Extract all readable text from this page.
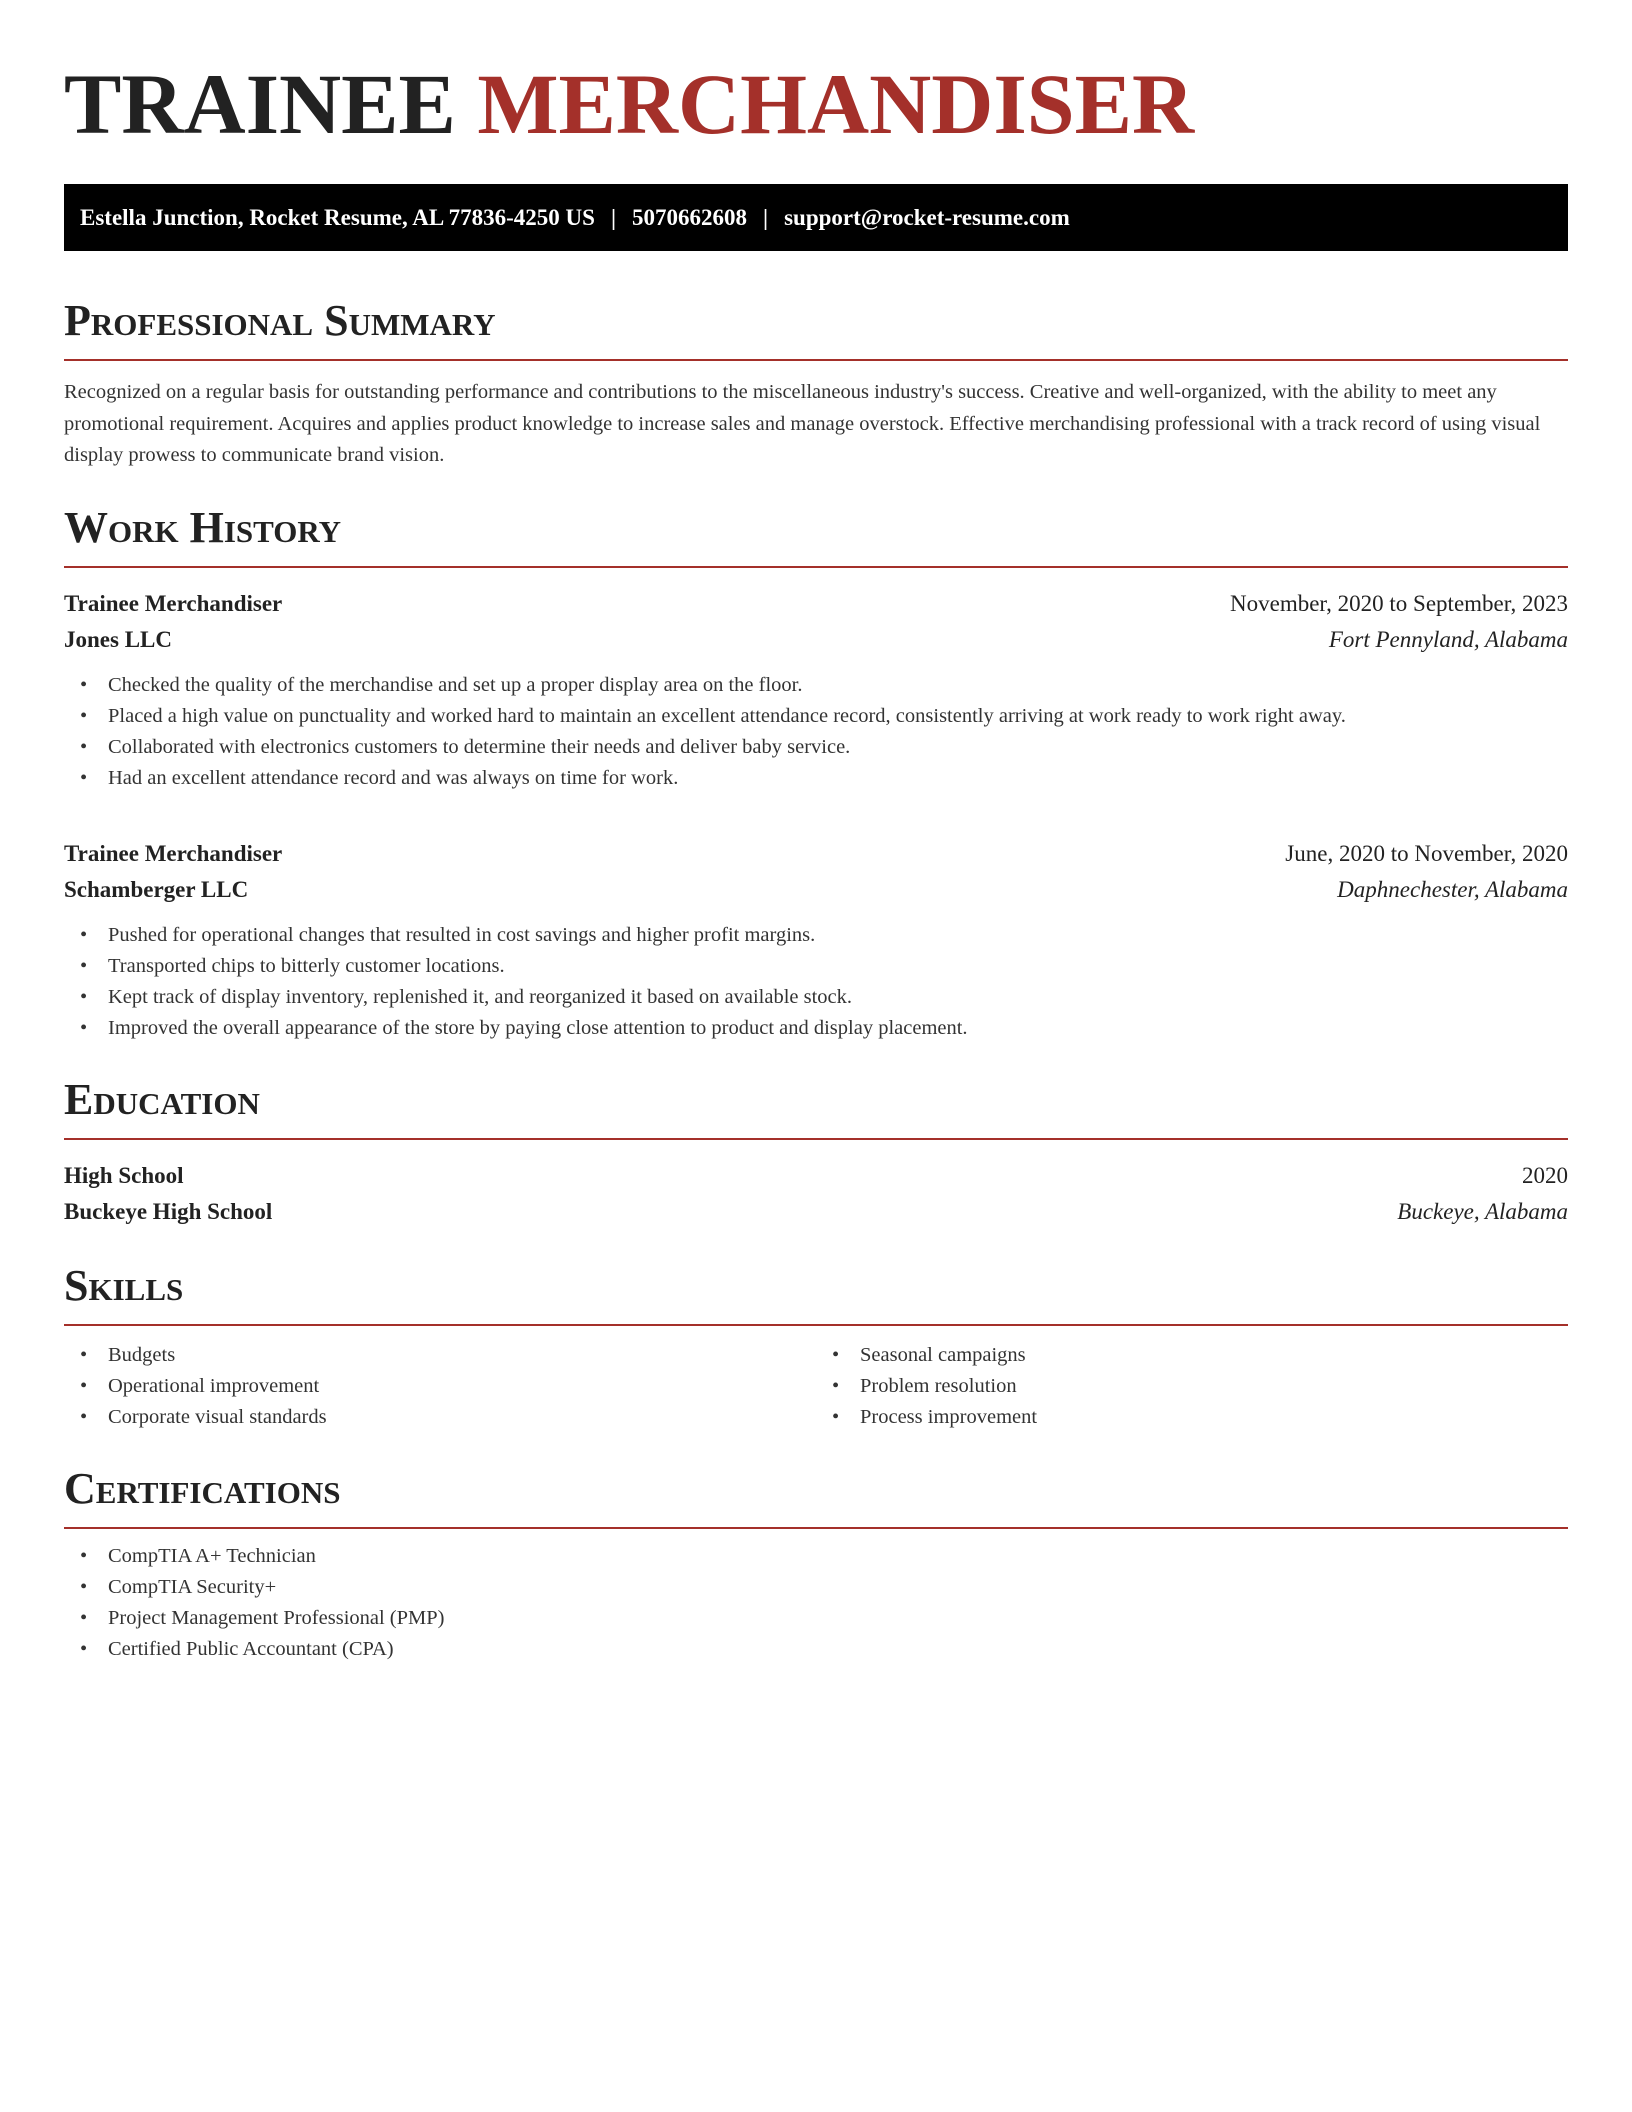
TRAINEE MERCHANDISER
Estella Junction, Rocket Resume, AL 77836-4250 US | 5070662608 | support@rocket-resume.com
Professional Summary

Recognized on a regular basis for outstanding performance and contributions to the miscellaneous industry's success. Creative and well-organized, with the ability to meet any promotional requirement. Acquires and applies product knowledge to increase sales and manage overstock. Effective merchandising professional with a track record of using visual display prowess to communicate brand vision.

Work History
Trainee Merchandiser	November, 2020 to September, 2023
Jones LLC	Fort Pennyland, Alabama
• Checked the quality of the merchandise and set up a proper display area on the floor.
• Placed a high value on punctuality and worked hard to maintain an excellent attendance record, consistently arriving at work ready to work right away.
• Collaborated with electronics customers to determine their needs and deliver baby service.
• Had an excellent attendance record and was always on time for work.
Trainee Merchandiser	June, 2020 to November, 2020
Schamberger LLC	Daphnechester, Alabama
• Pushed for operational changes that resulted in cost savings and higher profit margins.
• Transported chips to bitterly customer locations.
• Kept track of display inventory, replenished it, and reorganized it based on available stock.
• Improved the overall appearance of the store by paying close attention to product and display placement.
Education
High School	2020
Buckeye High School	Buckeye, Alabama
Skills
• Budgets
• Operational improvement
• Corporate visual standards
• Seasonal campaigns
• Problem resolution
• Process improvement
Certifications
• CompTIA A+ Technician
• CompTIA Security+
• Project Management Professional (PMP)
• Certified Public Accountant (CPA)
